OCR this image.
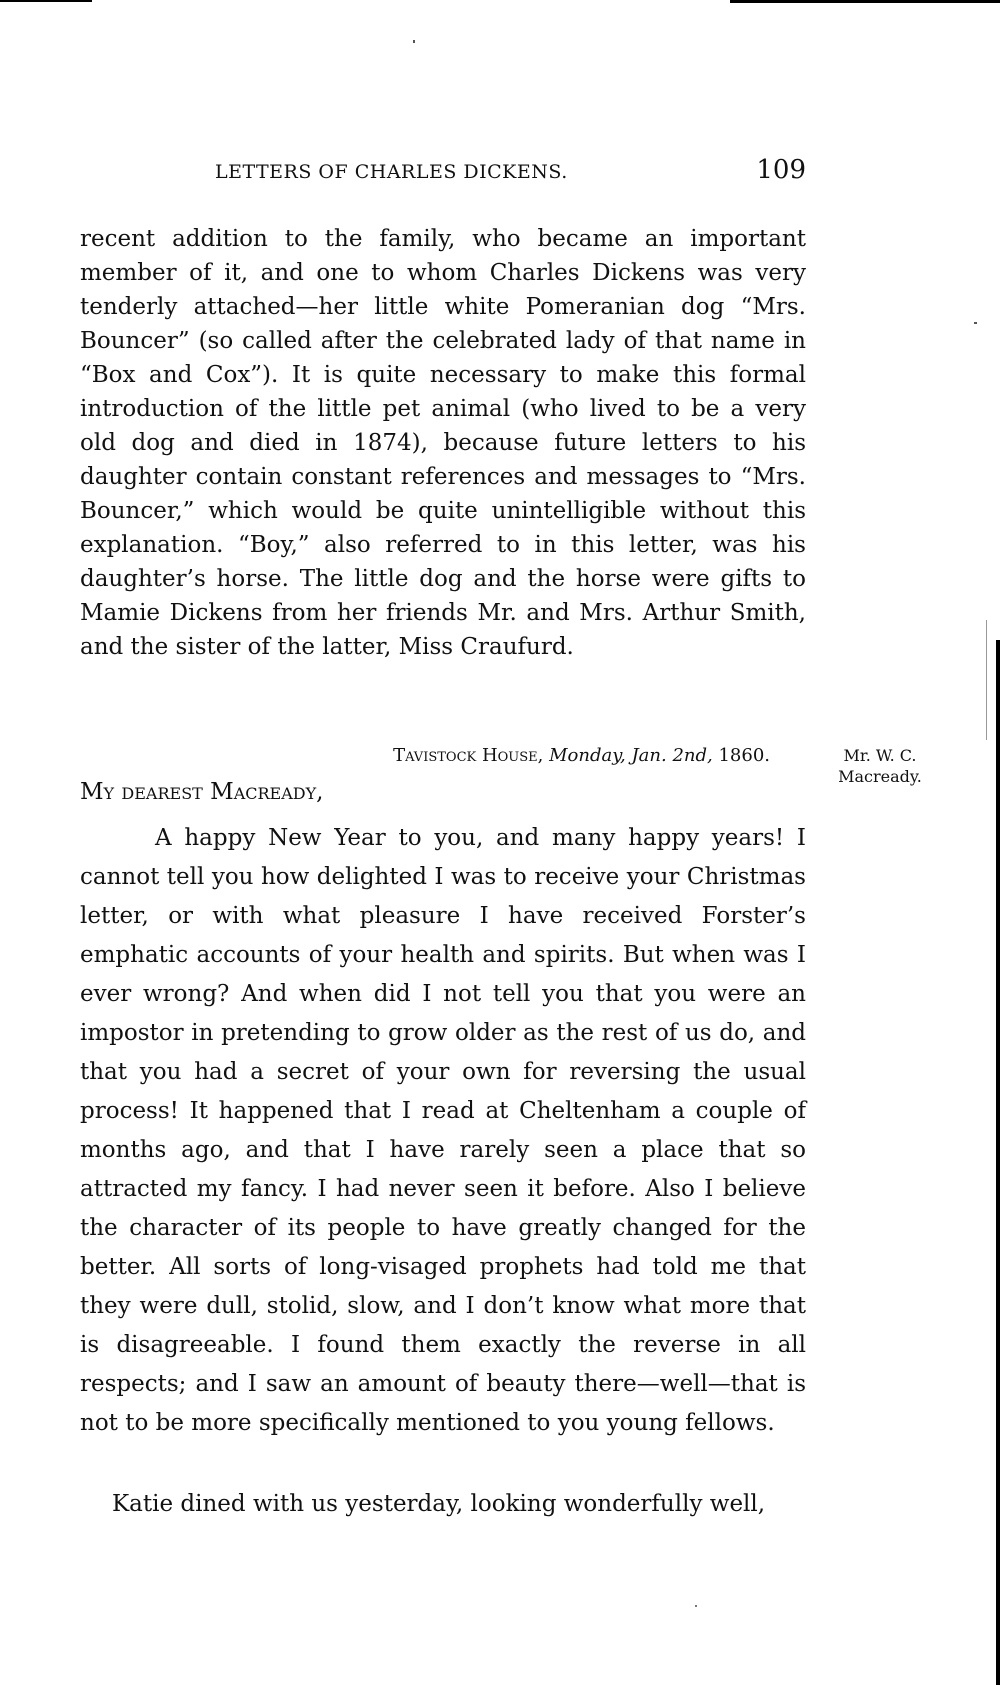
LETTERS OF CHARLES DICKENS.	109

recent addition to the family, who became an important member of it, and one to whom Charles Dickens was very tenderly attached—her little white Pomeranian dog “Mrs. Bouncer” (so called after the celebrated lady of that name in “Box and Cox”). It is quite necessary to make this formal introduction of the little pet animal (who lived to be a very old dog and died in 1874), because future letters to his daughter contain constant references and messages to “Mrs. Bouncer,” which would be quite unintelligible without this explanation. “Boy,” also referred to in this letter, was his daughter’s horse. The little dog and the horse were gifts to Mamie Dickens from her friends Mr. and Mrs. Arthur Smith, and the sister of the latter, Miss Craufurd.

Tavistock House, Monday, Jan. 2nd, 1860.	Mr. W. C.
Macready.

My dearest Macready,

A happy New Year to you, and many happy years! I cannot tell you how delighted I was to receive your Christmas letter, or with what pleasure I have received Forster’s emphatic accounts of your health and spirits. But when was I ever wrong? And when did I not tell you that you were an impostor in pretending to grow older as the rest of us do, and that you had a secret of your own for reversing the usual process! It happened that I read at Cheltenham a couple of months ago, and that I have rarely seen a place that so attracted my fancy. I had never seen it before. Also I believe the character of its people to have greatly changed for the better. All sorts of long-visaged prophets had told me that they were dull, stolid, slow, and I don’t know what more that is disagreeable. I found them exactly the reverse in all respects; and I saw an amount of beauty there—well—that is not to be more specifically mentioned to you young fellows.

Katie dined with us yesterday, looking wonderfully well,
